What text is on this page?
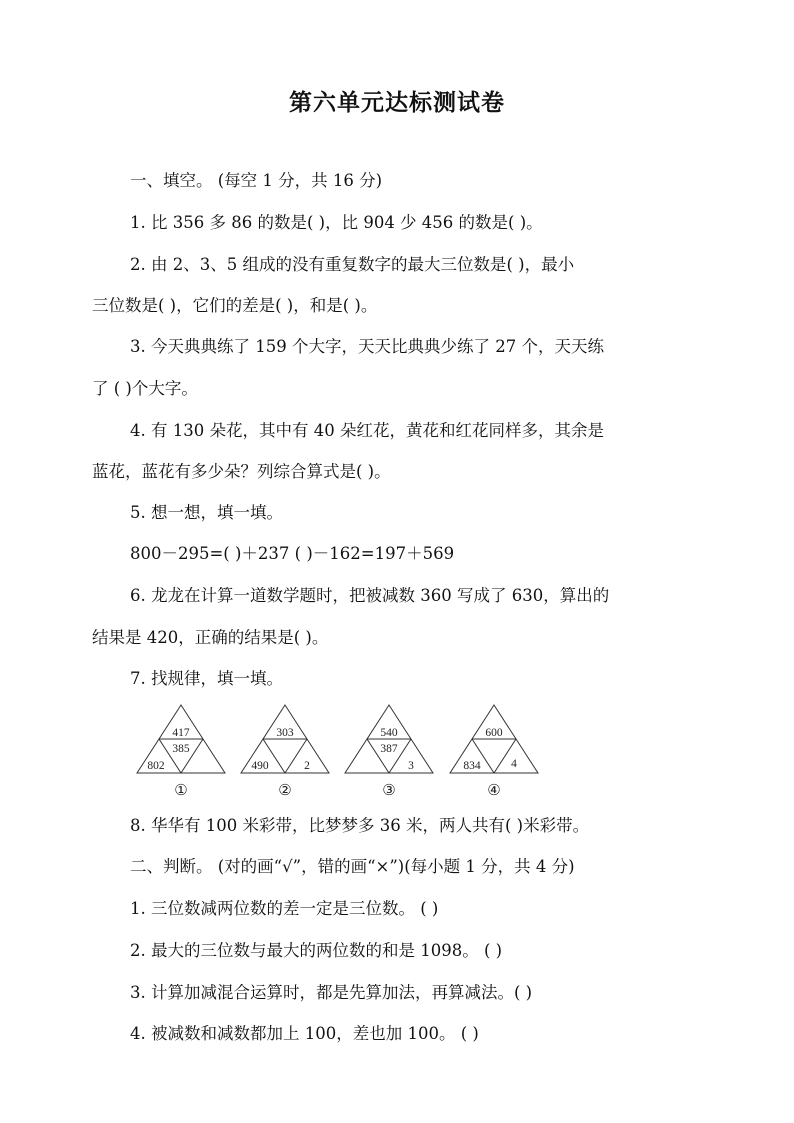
第六单元达标测试卷
一、填空。 (每空 1 分，共 16 分)
1. 比 356 多 86 的数是( )，比 904 少 456 的数是( )。
2. 由 2、3、5 组成的没有重复数字的最大三位数是( )，最小
三位数是( )，它们的差是( )，和是( )。
3. 今天典典练了 159 个大字，天天比典典少练了 27 个，天天练
了 ( )个大字。
4. 有 130 朵花，其中有 40 朵红花，黄花和红花同样多，其余是
蓝花，蓝花有多少朵？列综合算式是( )。
5. 想一想，填一填。
800－295=( )＋237 ( )－162=197＋569
6. 龙龙在计算一道数学题时，把被减数 360 写成了 630，算出的
结果是 420，正确的结果是( )。
7. 找规律，填一填。
417
385
802
①
303
490	2
②
540
387
3
③
600
834	4
④
8. 华华有 100 米彩带，比梦梦多 36 米，两人共有( )米彩带。
二、判断。 (对的画“√”，错的画“×”)(每小题 1 分，共 4 分)
1. 三位数减两位数的差一定是三位数。 ( )
2. 最大的三位数与最大的两位数的和是 1098。 ( )
3. 计算加减混合运算时，都是先算加法，再算减法。( )
4. 被减数和减数都加上 100，差也加 100。 ( )
